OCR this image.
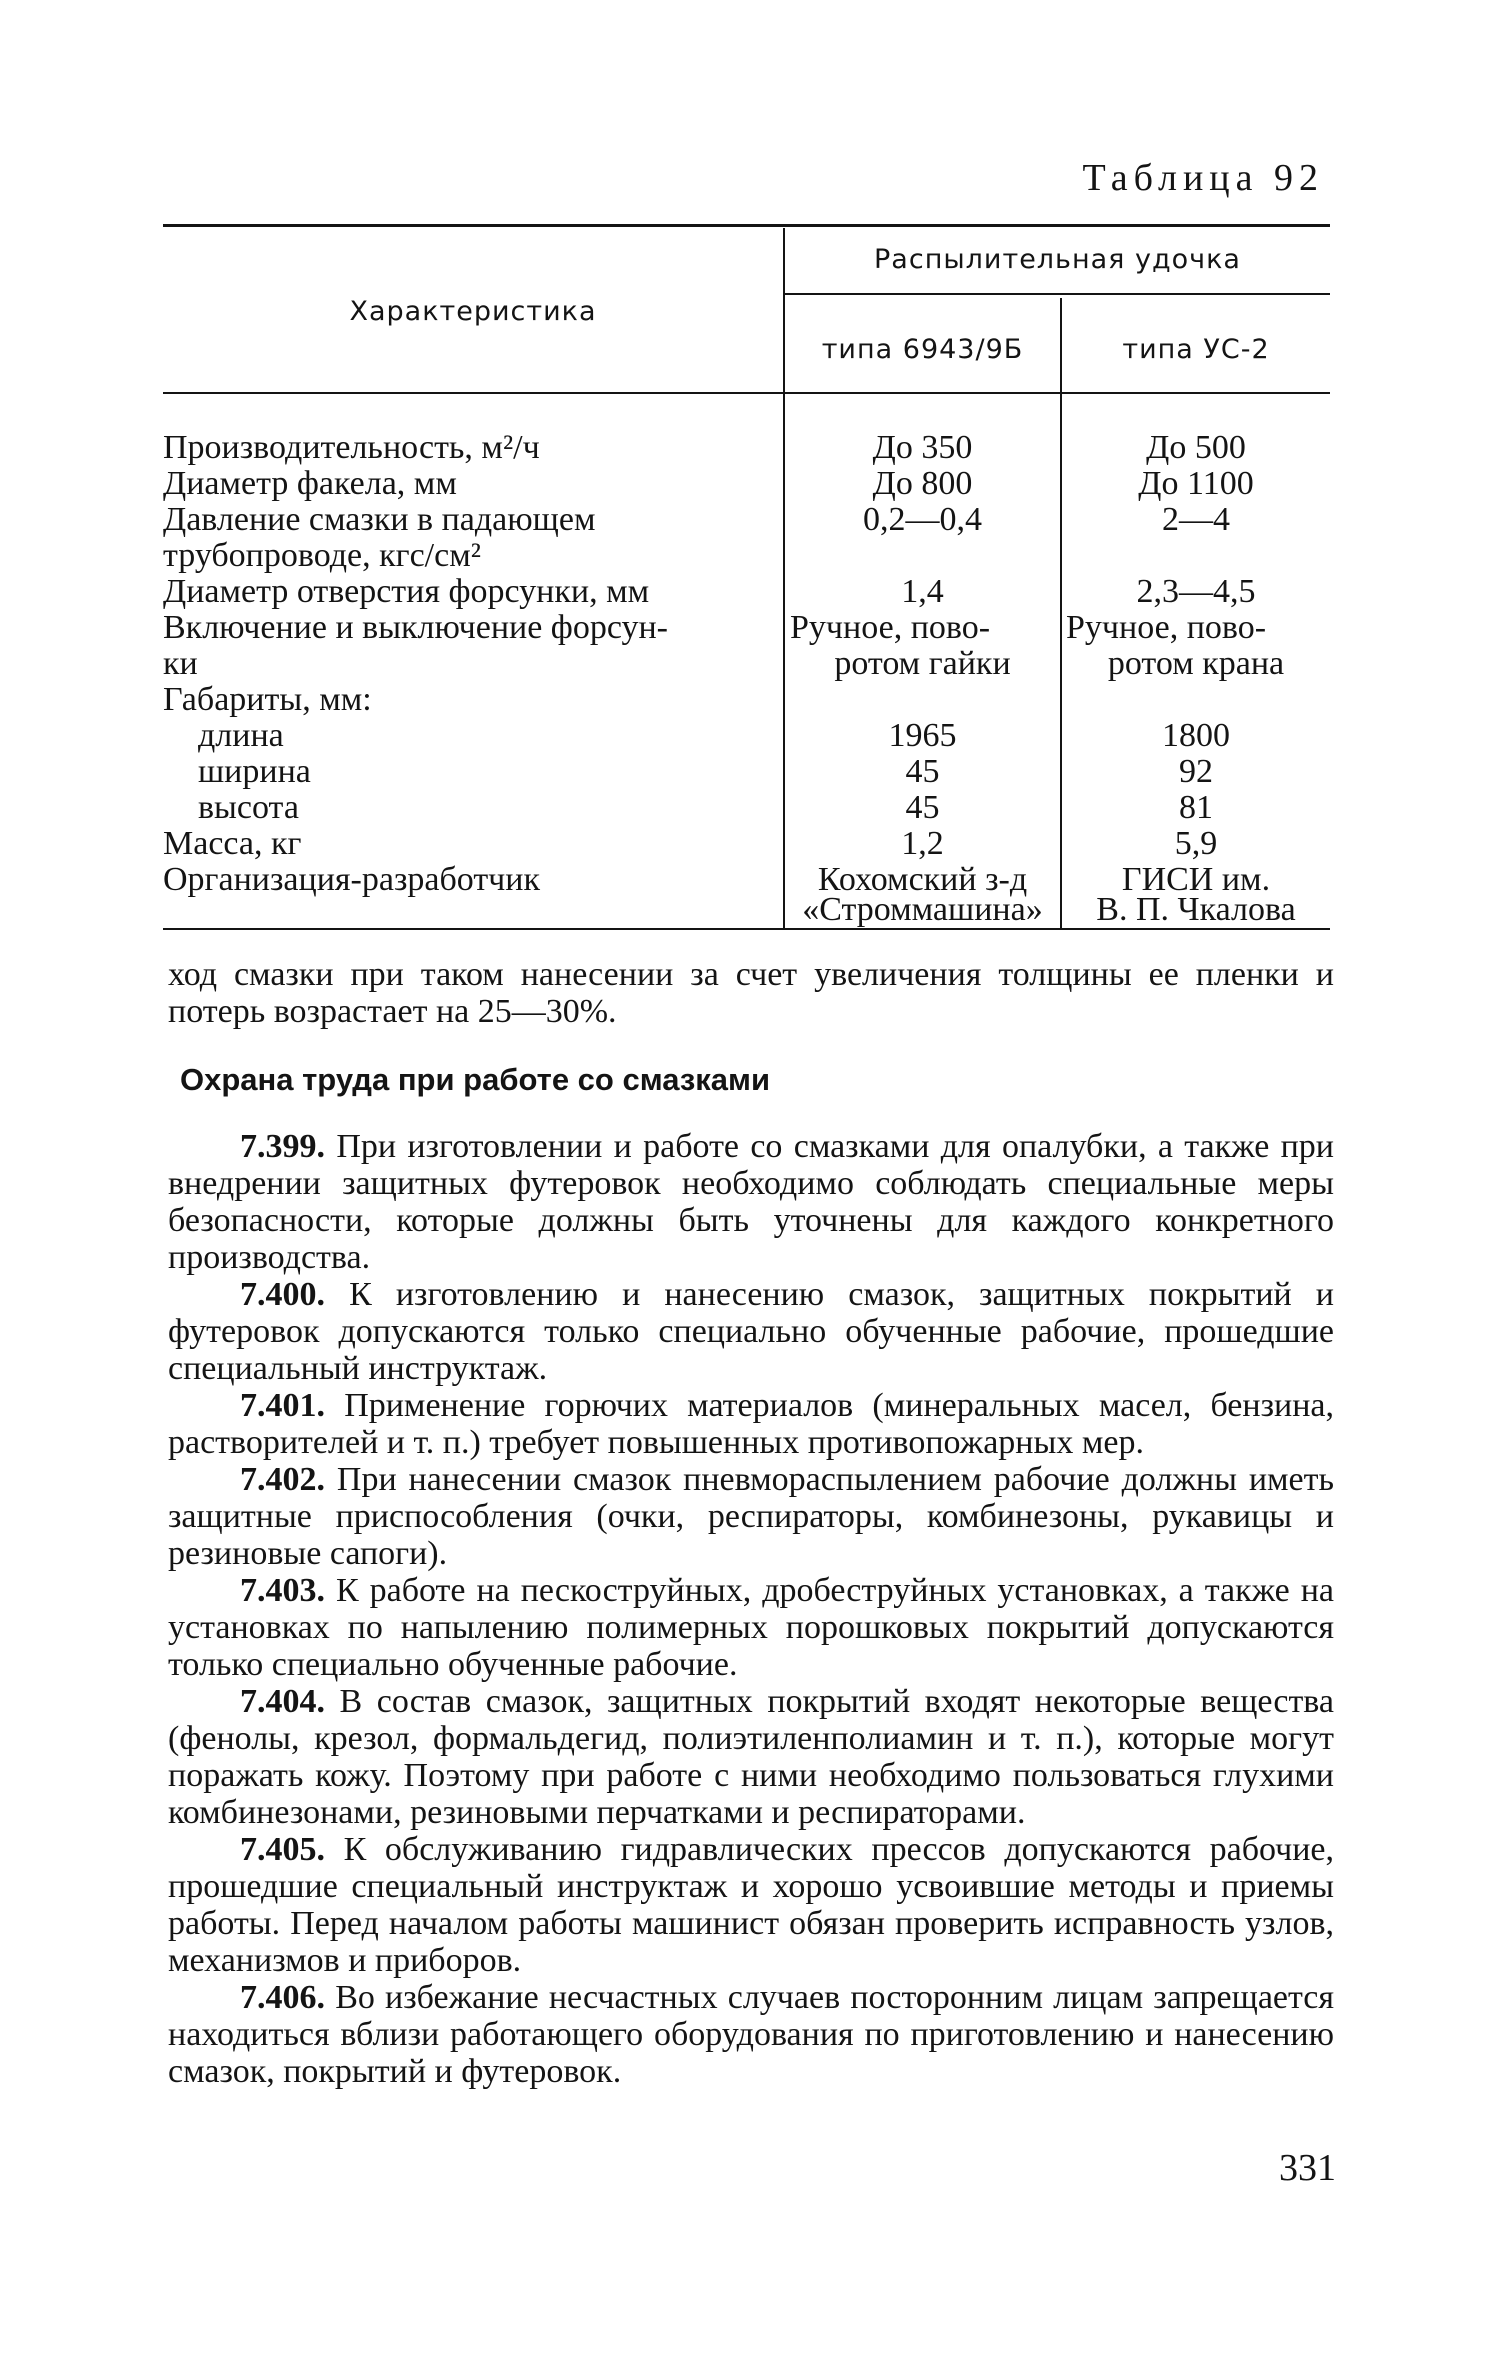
Таблица 92
Характеристика
Распылительная удочка
типа 6943/9Б	типа УС-2
Производительность, м²/ч
Диаметр факела, мм
Давление смазки в падающем
трубопроводе, кгс/см²
Диаметр отверстия форсунки, мм
Включение и выключение форсун-
ки
Габариты, мм:
длина
ширина
высота
Масса, кг
Организация-разработчик
До 350
До 800
0,2—0,4
1,4
Ручное, пово-
ротом гайки
1965
45
45
1,2
Кохомский з-д
«Строммашина»
До 500
До 1100
2—4
2,3—4,5
Ручное, пово-
ротом крана
1800
92
81
5,9
ГИСИ им.
В. П. Чкалова

ход смазки при таком нанесении за счет увеличения толщины ее пленки и потерь возрастает на 25—30%.

Охрана труда при работе со смазками

7.399. При изготовлении и работе со смазками для опалубки, а также при внедрении защитных футеровок необходимо соблюдать специальные меры безопасности, которые должны быть уточнены для каждого конкретного производства.

7.400. К изготовлению и нанесению смазок, защитных покрытий и футеровок допускаются только специально обученные рабочие, прошедшие специальный инструктаж.

7.401. Применение горючих материалов (минеральных масел, бензина, растворителей и т. п.) требует повышенных противопожарных мер.

7.402. При нанесении смазок пневмораспылением рабочие должны иметь защитные приспособления (очки, респираторы, комбинезоны, рукавицы и резиновые сапоги).

7.403. К работе на пескоструйных, дробеструйных установках, а также на установках по напылению полимерных порошковых покрытий допускаются только специально обученные рабочие.

7.404. В состав смазок, защитных покрытий входят некоторые вещества (фенолы, крезол, формальдегид, полиэтиленполиамин и т. п.), которые могут поражать кожу. Поэтому при работе с ними необходимо пользоваться глухими комбинезонами, резиновыми перчатками и респираторами.

7.405. К обслуживанию гидравлических прессов допускаются рабочие, прошедшие специальный инструктаж и хорошо усвоившие методы и приемы работы. Перед началом работы машинист обязан проверить исправность узлов, механизмов и приборов.

7.406. Во избежание несчастных случаев посторонним лицам запрещается находиться вблизи работающего оборудования по приготовлению и нанесению смазок, покрытий и футеровок.

331
